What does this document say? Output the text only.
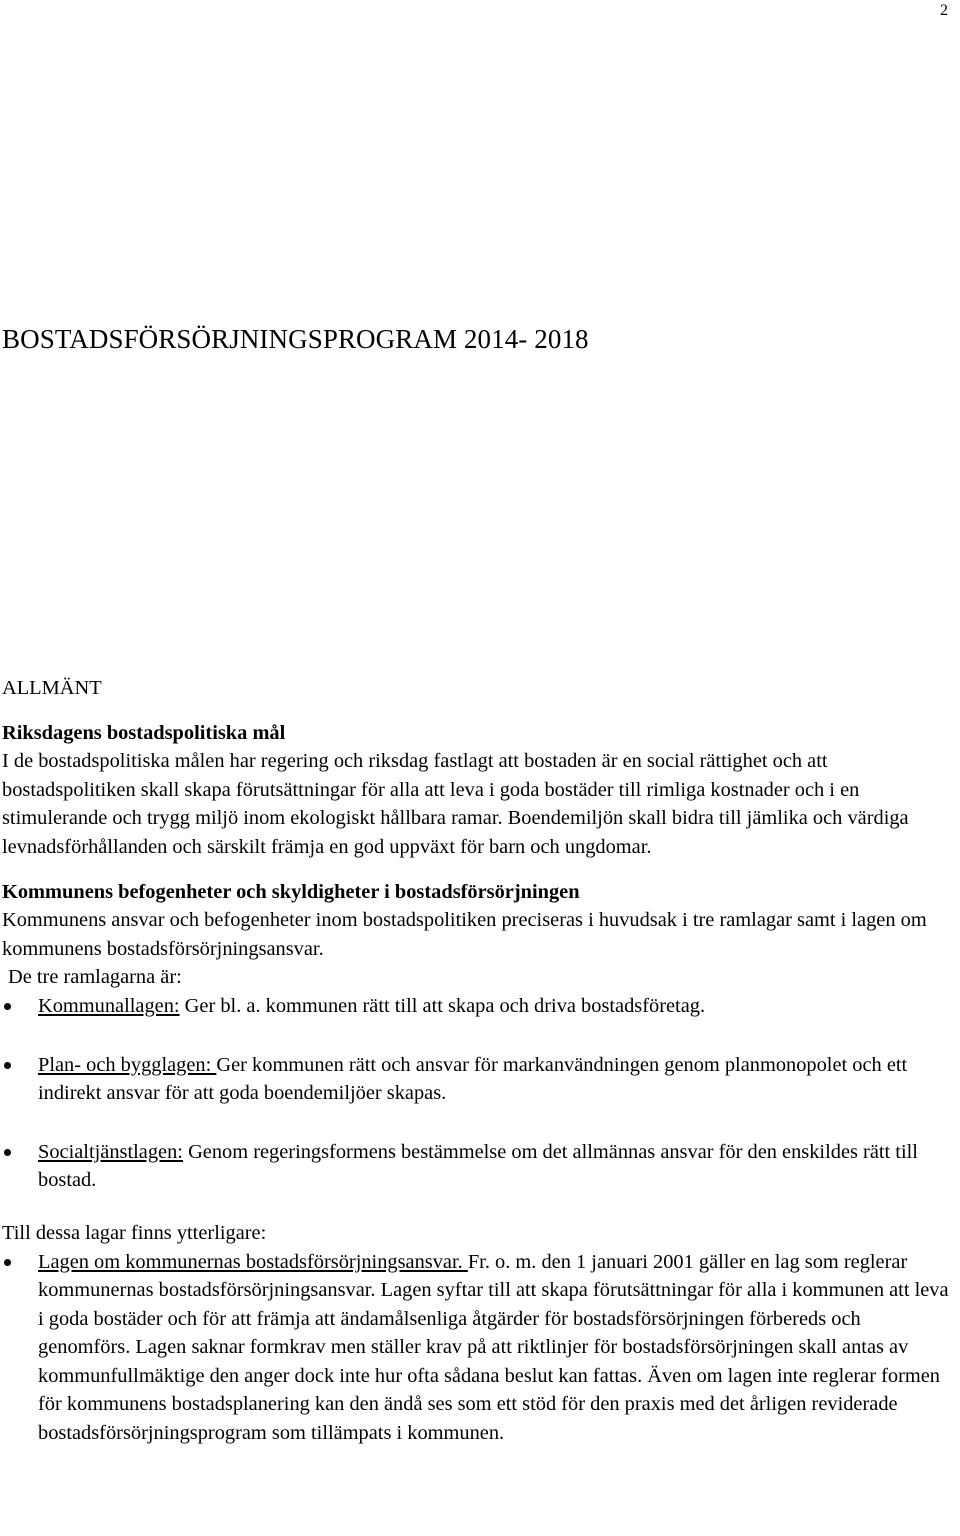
2
BOSTADSFÖRSÖRJNINGSPROGRAM 2014- 2018

ALLMÄNT

Riksdagens bostadspolitiska mål

I de bostadspolitiska målen har regering och riksdag fastlagt att bostaden är en social rättighet och att bostadspolitiken skall skapa förutsättningar för alla att leva i goda bostäder till rimliga kostnader och i en stimulerande och trygg miljö inom ekologiskt hållbara ramar. Boendemiljön skall bidra till jämlika och värdiga levnadsförhållanden och särskilt främja en god uppväxt för barn och ungdomar.

Kommunens befogenheter och skyldigheter i bostadsförsörjningen

Kommunens ansvar och befogenheter inom bostadspolitiken preciseras i huvudsak i tre ramlagar samt i lagen om kommunens bostadsförsörjningsansvar.

De tre ramlagarna är:

Kommunallagen: Ger bl. a. kommunen rätt till att skapa och driva bostadsföretag.
Plan- och bygglagen: Ger kommunen rätt och ansvar för markanvändningen genom planmonopolet och ett indirekt ansvar för att goda boendemiljöer skapas.
Socialtjänstlagen: Genom regeringsformens bestämmelse om det allmännas ansvar för den enskildes rätt till bostad.

Till dessa lagar finns ytterligare:

Lagen om kommunernas bostadsförsörjningsansvar. Fr. o. m. den 1 januari 2001 gäller en lag som reglerar kommunernas bostadsförsörjningsansvar. Lagen syftar till att skapa förutsättningar för alla i kommunen att leva i goda bostäder och för att främja att ändamålsenliga åtgärder för bostadsförsörjningen förbereds och genomförs. Lagen saknar formkrav men ställer krav på att riktlinjer för bostadsförsörjningen skall antas av kommunfullmäktige den anger dock inte hur ofta sådana beslut kan fattas. Även om lagen inte reglerar formen för kommunens bostadsplanering kan den ändå ses som ett stöd för den praxis med det årligen reviderade bostadsförsörjningsprogram som tillämpats i kommunen.
